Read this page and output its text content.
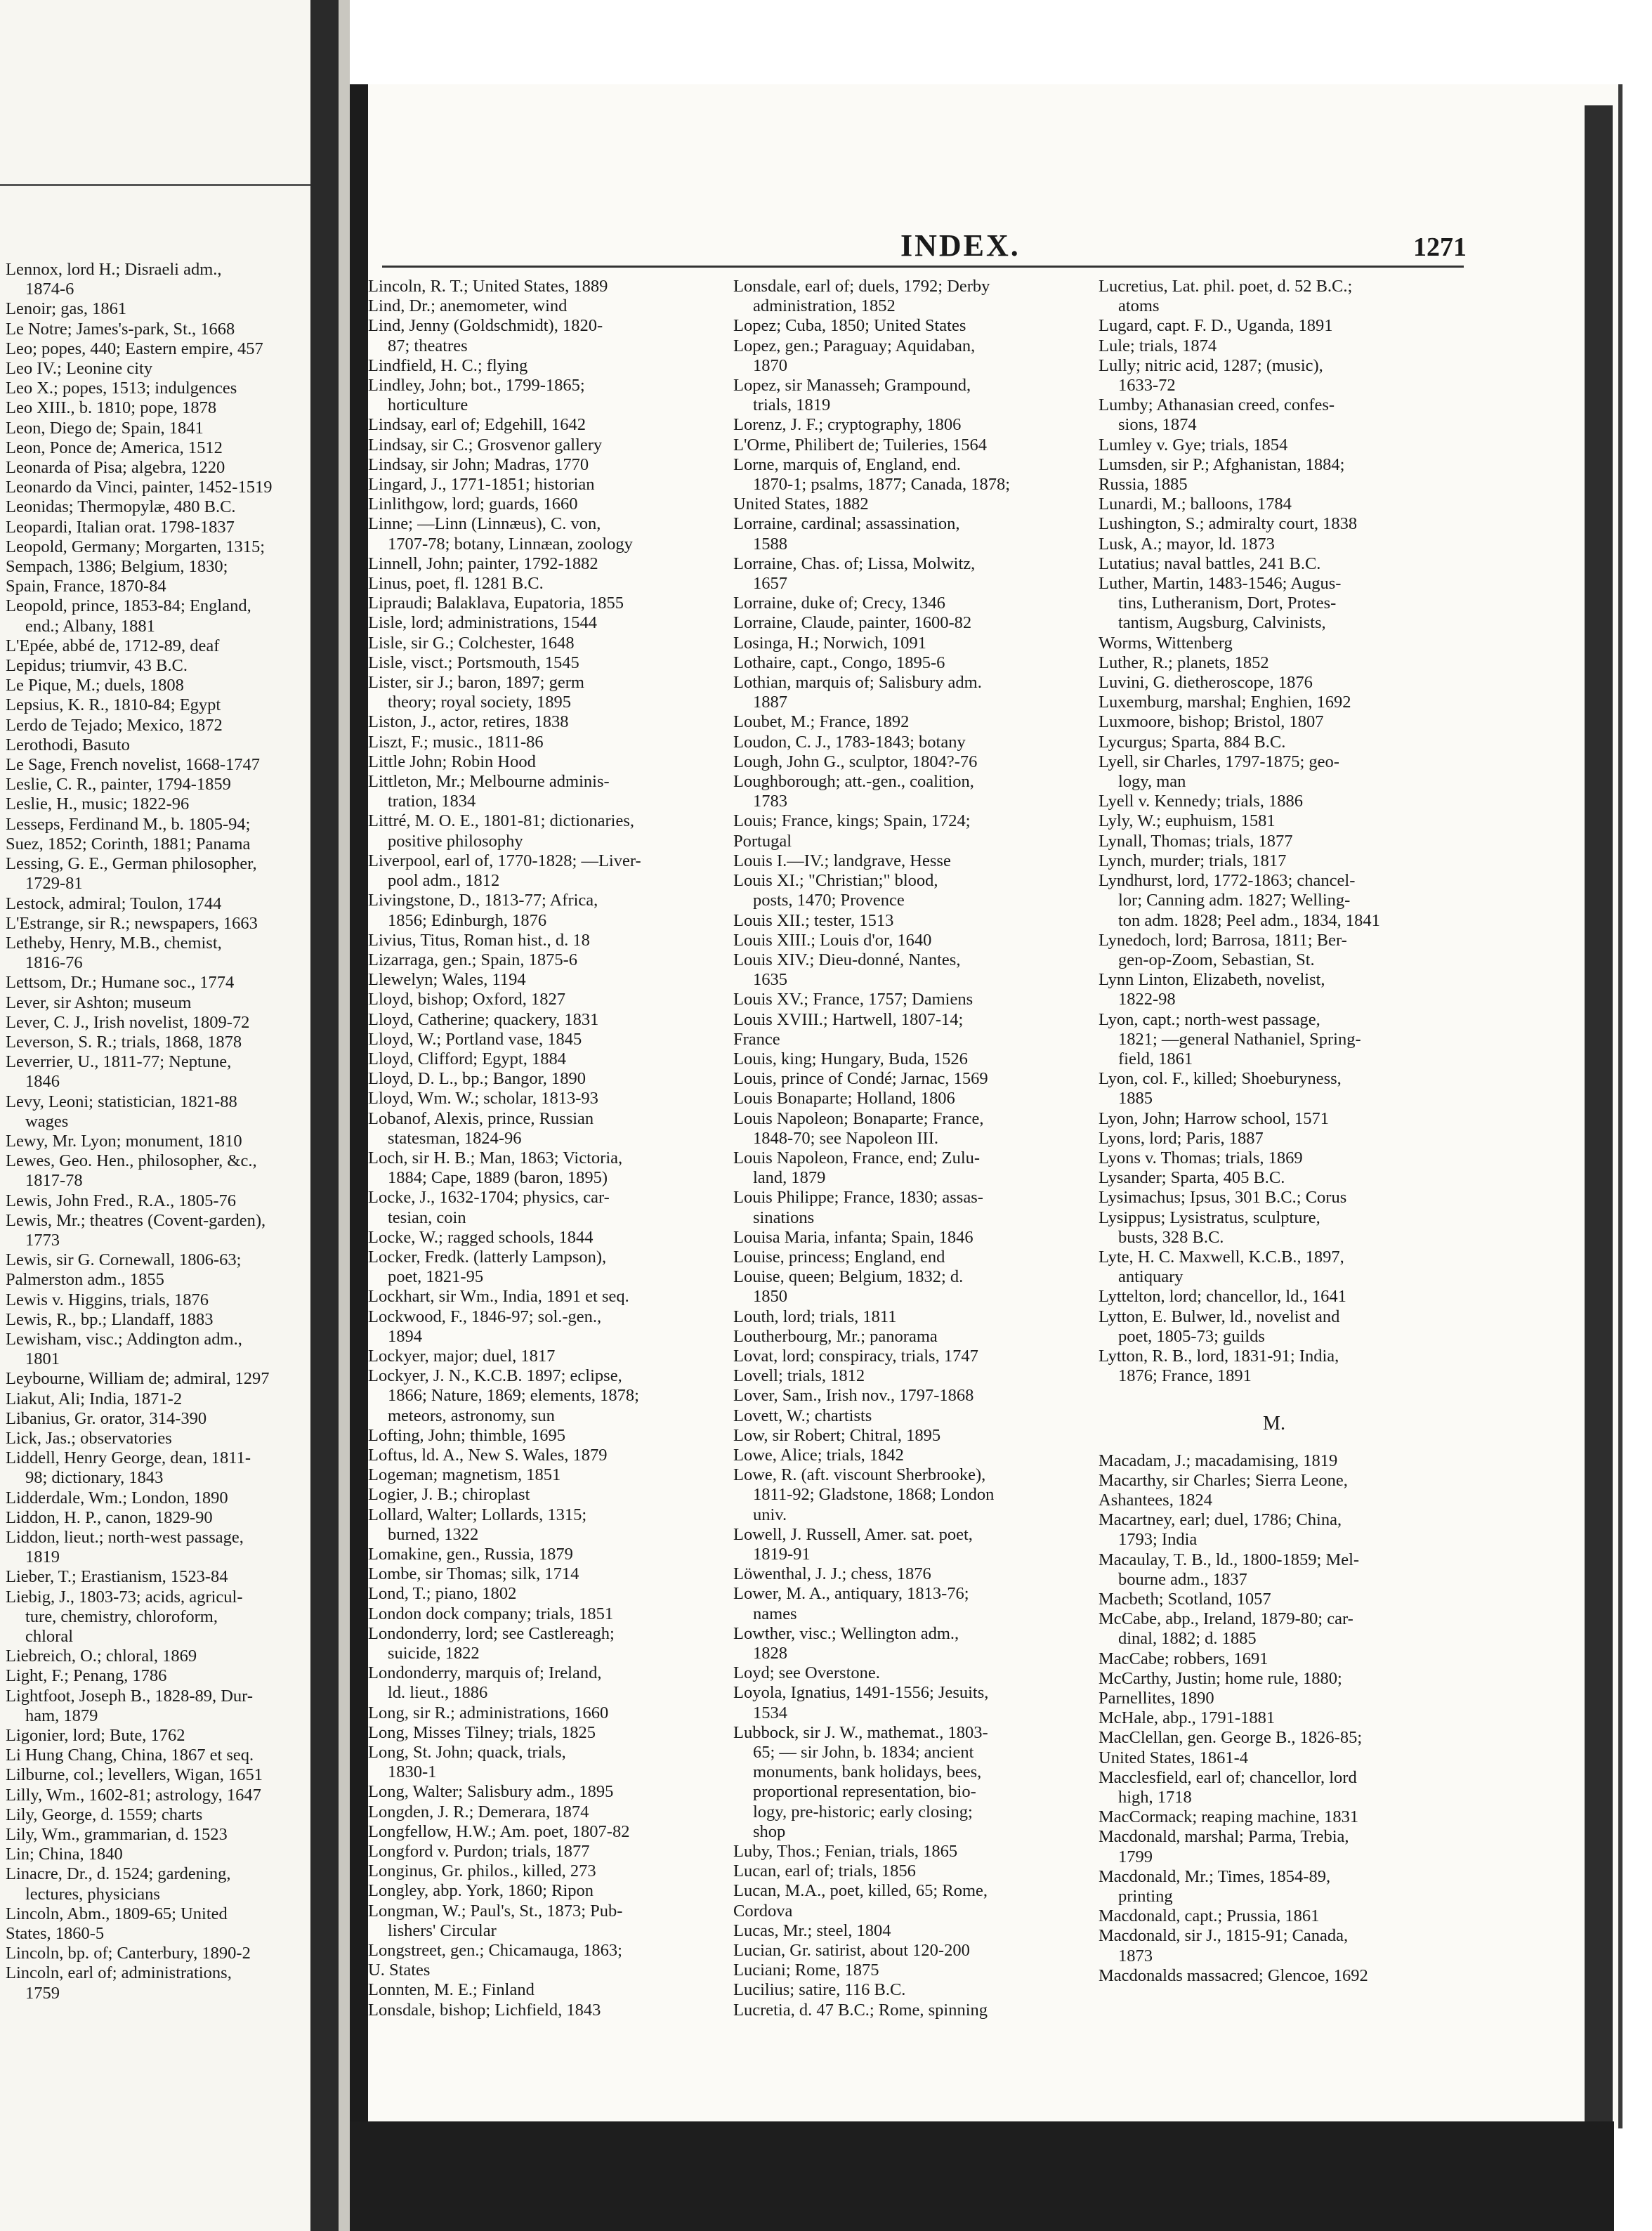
Lennox, lord H.; Disraeli adm.,
1874-6
Lenoir; gas, 1861
Le Notre; James's-park, St., 1668
Leo; popes, 440; Eastern empire, 457
Leo IV.; Leonine city
Leo X.; popes, 1513; indulgences
Leo XIII., b. 1810; pope, 1878
Leon, Diego de; Spain, 1841
Leon, Ponce de; America, 1512
Leonarda of Pisa; algebra, 1220
Leonardo da Vinci, painter, 1452-1519
Leonidas; Thermopylæ, 480 B.C.
Leopardi, Italian orat. 1798-1837
Leopold, Germany; Morgarten, 1315;
Sempach, 1386; Belgium, 1830;
Spain, France, 1870-84
Leopold, prince, 1853-84; England,
end.; Albany, 1881
L'Epée, abbé de, 1712-89, deaf
Lepidus; triumvir, 43 B.C.
Le Pique, M.; duels, 1808
Lepsius, K. R., 1810-84; Egypt
Lerdo de Tejado; Mexico, 1872
Lerothodi, Basuto
Le Sage, French novelist, 1668-1747
Leslie, C. R., painter, 1794-1859
Leslie, H., music; 1822-96
Lesseps, Ferdinand M., b. 1805-94;
Suez, 1852; Corinth, 1881; Panama
Lessing, G. E., German philosopher,
1729-81
Lestock, admiral; Toulon, 1744
L'Estrange, sir R.; newspapers, 1663
Letheby, Henry, M.B., chemist,
1816-76
Lettsom, Dr.; Humane soc., 1774
Lever, sir Ashton; museum
Lever, C. J., Irish novelist, 1809-72
Leverson, S. R.; trials, 1868, 1878
Leverrier, U., 1811-77; Neptune,
1846
Levy, Leoni; statistician, 1821-88
wages
Lewy, Mr. Lyon; monument, 1810
Lewes, Geo. Hen., philosopher, &c.,
1817-78
Lewis, John Fred., R.A., 1805-76
Lewis, Mr.; theatres (Covent-garden),
1773
Lewis, sir G. Cornewall, 1806-63;
Palmerston adm., 1855
Lewis v. Higgins, trials, 1876
Lewis, R., bp.; Llandaff, 1883
Lewisham, visc.; Addington adm.,
1801
Leybourne, William de; admiral, 1297
Liakut, Ali; India, 1871-2
Libanius, Gr. orator, 314-390
Lick, Jas.; observatories
Liddell, Henry George, dean, 1811-
98; dictionary, 1843
Lidderdale, Wm.; London, 1890
Liddon, H. P., canon, 1829-90
Liddon, lieut.; north-west passage,
1819
Lieber, T.; Erastianism, 1523-84
Liebig, J., 1803-73; acids, agricul-
ture, chemistry, chloroform,
chloral
Liebreich, O.; chloral, 1869
Light, F.; Penang, 1786
Lightfoot, Joseph B., 1828-89, Dur-
ham, 1879
Ligonier, lord; Bute, 1762
Li Hung Chang, China, 1867 et seq.
Lilburne, col.; levellers, Wigan, 1651
Lilly, Wm., 1602-81; astrology, 1647
Lily, George, d. 1559; charts
Lily, Wm., grammarian, d. 1523
Lin; China, 1840
Linacre, Dr., d. 1524; gardening,
lectures, physicians
Lincoln, Abm., 1809-65; United
States, 1860-5
Lincoln, bp. of; Canterbury, 1890-2
Lincoln, earl of; administrations,
1759
INDEX.	1271
Lincoln, R. T.; United States, 1889
Lind, Dr.; anemometer, wind
Lind, Jenny (Goldschmidt), 1820-
87; theatres
Lindfield, H. C.; flying
Lindley, John; bot., 1799-1865;
horticulture
Lindsay, earl of; Edgehill, 1642
Lindsay, sir C.; Grosvenor gallery
Lindsay, sir John; Madras, 1770
Lingard, J., 1771-1851; historian
Linlithgow, lord; guards, 1660
Linne; —Linn (Linnæus), C. von,
1707-78; botany, Linnæan, zoology
Linnell, John; painter, 1792-1882
Linus, poet, fl. 1281 B.C.
Lipraudi; Balaklava, Eupatoria, 1855
Lisle, lord; administrations, 1544
Lisle, sir G.; Colchester, 1648
Lisle, visct.; Portsmouth, 1545
Lister, sir J.; baron, 1897; germ
theory; royal society, 1895
Liston, J., actor, retires, 1838
Liszt, F.; music., 1811-86
Little John; Robin Hood
Littleton, Mr.; Melbourne adminis-
tration, 1834
Littré, M. O. E., 1801-81; dictionaries,
positive philosophy
Liverpool, earl of, 1770-1828; —Liver-
pool adm., 1812
Livingstone, D., 1813-77; Africa,
1856; Edinburgh, 1876
Livius, Titus, Roman hist., d. 18
Lizarraga, gen.; Spain, 1875-6
Llewelyn; Wales, 1194
Lloyd, bishop; Oxford, 1827
Lloyd, Catherine; quackery, 1831
Lloyd, W.; Portland vase, 1845
Lloyd, Clifford; Egypt, 1884
Lloyd, D. L., bp.; Bangor, 1890
Lloyd, Wm. W.; scholar, 1813-93
Lobanof, Alexis, prince, Russian
statesman, 1824-96
Loch, sir H. B.; Man, 1863; Victoria,
1884; Cape, 1889 (baron, 1895)
Locke, J., 1632-1704; physics, car-
tesian, coin
Locke, W.; ragged schools, 1844
Locker, Fredk. (latterly Lampson),
poet, 1821-95
Lockhart, sir Wm., India, 1891 et seq.
Lockwood, F., 1846-97; sol.-gen.,
1894
Lockyer, major; duel, 1817
Lockyer, J. N., K.C.B. 1897; eclipse,
1866; Nature, 1869; elements, 1878;
meteors, astronomy, sun
Lofting, John; thimble, 1695
Loftus, ld. A., New S. Wales, 1879
Logeman; magnetism, 1851
Logier, J. B.; chiroplast
Lollard, Walter; Lollards, 1315;
burned, 1322
Lomakine, gen., Russia, 1879
Lombe, sir Thomas; silk, 1714
Lond, T.; piano, 1802
London dock company; trials, 1851
Londonderry, lord; see Castlereagh;
suicide, 1822
Londonderry, marquis of; Ireland,
ld. lieut., 1886
Long, sir R.; administrations, 1660
Long, Misses Tilney; trials, 1825
Long, St. John; quack, trials,
1830-1
Long, Walter; Salisbury adm., 1895
Longden, J. R.; Demerara, 1874
Longfellow, H.W.; Am. poet, 1807-82
Longford v. Purdon; trials, 1877
Longinus, Gr. philos., killed, 273
Longley, abp. York, 1860; Ripon
Longman, W.; Paul's, St., 1873; Pub-
lishers' Circular
Longstreet, gen.; Chicamauga, 1863;
U. States
Lonnten, M. E.; Finland
Lonsdale, bishop; Lichfield, 1843
Lonsdale, earl of; duels, 1792; Derby
administration, 1852
Lopez; Cuba, 1850; United States
Lopez, gen.; Paraguay; Aquidaban,
1870
Lopez, sir Manasseh; Grampound,
trials, 1819
Lorenz, J. F.; cryptography, 1806
L'Orme, Philibert de; Tuileries, 1564
Lorne, marquis of, England, end.
1870-1; psalms, 1877; Canada, 1878;
United States, 1882
Lorraine, cardinal; assassination,
1588
Lorraine, Chas. of; Lissa, Molwitz,
1657
Lorraine, duke of; Crecy, 1346
Lorraine, Claude, painter, 1600-82
Losinga, H.; Norwich, 1091
Lothaire, capt., Congo, 1895-6
Lothian, marquis of; Salisbury adm.
1887
Loubet, M.; France, 1892
Loudon, C. J., 1783-1843; botany
Lough, John G., sculptor, 1804?-76
Loughborough; att.-gen., coalition,
1783
Louis; France, kings; Spain, 1724;
Portugal
Louis I.—IV.; landgrave, Hesse
Louis XI.; "Christian;" blood,
posts, 1470; Provence
Louis XII.; tester, 1513
Louis XIII.; Louis d'or, 1640
Louis XIV.; Dieu-donné, Nantes,
1635
Louis XV.; France, 1757; Damiens
Louis XVIII.; Hartwell, 1807-14;
France
Louis, king; Hungary, Buda, 1526
Louis, prince of Condé; Jarnac, 1569
Louis Bonaparte; Holland, 1806
Louis Napoleon; Bonaparte; France,
1848-70; see Napoleon III.
Louis Napoleon, France, end; Zulu-
land, 1879
Louis Philippe; France, 1830; assas-
sinations
Louisa Maria, infanta; Spain, 1846
Louise, princess; England, end
Louise, queen; Belgium, 1832; d.
1850
Louth, lord; trials, 1811
Loutherbourg, Mr.; panorama
Lovat, lord; conspiracy, trials, 1747
Lovell; trials, 1812
Lover, Sam., Irish nov., 1797-1868
Lovett, W.; chartists
Low, sir Robert; Chitral, 1895
Lowe, Alice; trials, 1842
Lowe, R. (aft. viscount Sherbrooke),
1811-92; Gladstone, 1868; London
univ.
Lowell, J. Russell, Amer. sat. poet,
1819-91
Löwenthal, J. J.; chess, 1876
Lower, M. A., antiquary, 1813-76;
names
Lowther, visc.; Wellington adm.,
1828
Loyd; see Overstone.
Loyola, Ignatius, 1491-1556; Jesuits,
1534
Lubbock, sir J. W., mathemat., 1803-
65; — sir John, b. 1834; ancient
monuments, bank holidays, bees,
proportional representation, bio-
logy, pre-historic; early closing;
shop
Luby, Thos.; Fenian, trials, 1865
Lucan, earl of; trials, 1856
Lucan, M.A., poet, killed, 65; Rome,
Cordova
Lucas, Mr.; steel, 1804
Lucian, Gr. satirist, about 120-200
Luciani; Rome, 1875
Lucilius; satire, 116 B.C.
Lucretia, d. 47 B.C.; Rome, spinning
Lucretius, Lat. phil. poet, d. 52 B.C.;
atoms
Lugard, capt. F. D., Uganda, 1891
Lule; trials, 1874
Lully; nitric acid, 1287; (music),
1633-72
Lumby; Athanasian creed, confes-
sions, 1874
Lumley v. Gye; trials, 1854
Lumsden, sir P.; Afghanistan, 1884;
Russia, 1885
Lunardi, M.; balloons, 1784
Lushington, S.; admiralty court, 1838
Lusk, A.; mayor, ld. 1873
Lutatius; naval battles, 241 B.C.
Luther, Martin, 1483-1546; Augus-
tins, Lutheranism, Dort, Protes-
tantism, Augsburg, Calvinists,
Worms, Wittenberg
Luther, R.; planets, 1852
Luvini, G. dietheroscope, 1876
Luxemburg, marshal; Enghien, 1692
Luxmoore, bishop; Bristol, 1807
Lycurgus; Sparta, 884 B.C.
Lyell, sir Charles, 1797-1875; geo-
logy, man
Lyell v. Kennedy; trials, 1886
Lyly, W.; euphuism, 1581
Lynall, Thomas; trials, 1877
Lynch, murder; trials, 1817
Lyndhurst, lord, 1772-1863; chancel-
lor; Canning adm. 1827; Welling-
ton adm. 1828; Peel adm., 1834, 1841
Lynedoch, lord; Barrosa, 1811; Ber-
gen-op-Zoom, Sebastian, St.
Lynn Linton, Elizabeth, novelist,
1822-98
Lyon, capt.; north-west passage,
1821; —general Nathaniel, Spring-
field, 1861
Lyon, col. F., killed; Shoeburyness,
1885
Lyon, John; Harrow school, 1571
Lyons, lord; Paris, 1887
Lyons v. Thomas; trials, 1869
Lysander; Sparta, 405 B.C.
Lysimachus; Ipsus, 301 B.C.; Corus
Lysippus; Lysistratus, sculpture,
busts, 328 B.C.
Lyte, H. C. Maxwell, K.C.B., 1897,
antiquary
Lyttelton, lord; chancellor, ld., 1641
Lytton, E. Bulwer, ld., novelist and
poet, 1805-73; guilds
Lytton, R. B., lord, 1831-91; India,
1876; France, 1891
M.
Macadam, J.; macadamising, 1819
Macarthy, sir Charles; Sierra Leone,
Ashantees, 1824
Macartney, earl; duel, 1786; China,
1793; India
Macaulay, T. B., ld., 1800-1859; Mel-
bourne adm., 1837
Macbeth; Scotland, 1057
McCabe, abp., Ireland, 1879-80; car-
dinal, 1882; d. 1885
MacCabe; robbers, 1691
McCarthy, Justin; home rule, 1880;
Parnellites, 1890
McHale, abp., 1791-1881
MacClellan, gen. George B., 1826-85;
United States, 1861-4
Macclesfield, earl of; chancellor, lord
high, 1718
MacCormack; reaping machine, 1831
Macdonald, marshal; Parma, Trebia,
1799
Macdonald, Mr.; Times, 1854-89,
printing
Macdonald, capt.; Prussia, 1861
Macdonald, sir J., 1815-91; Canada,
1873
Macdonalds massacred; Glencoe, 1692
